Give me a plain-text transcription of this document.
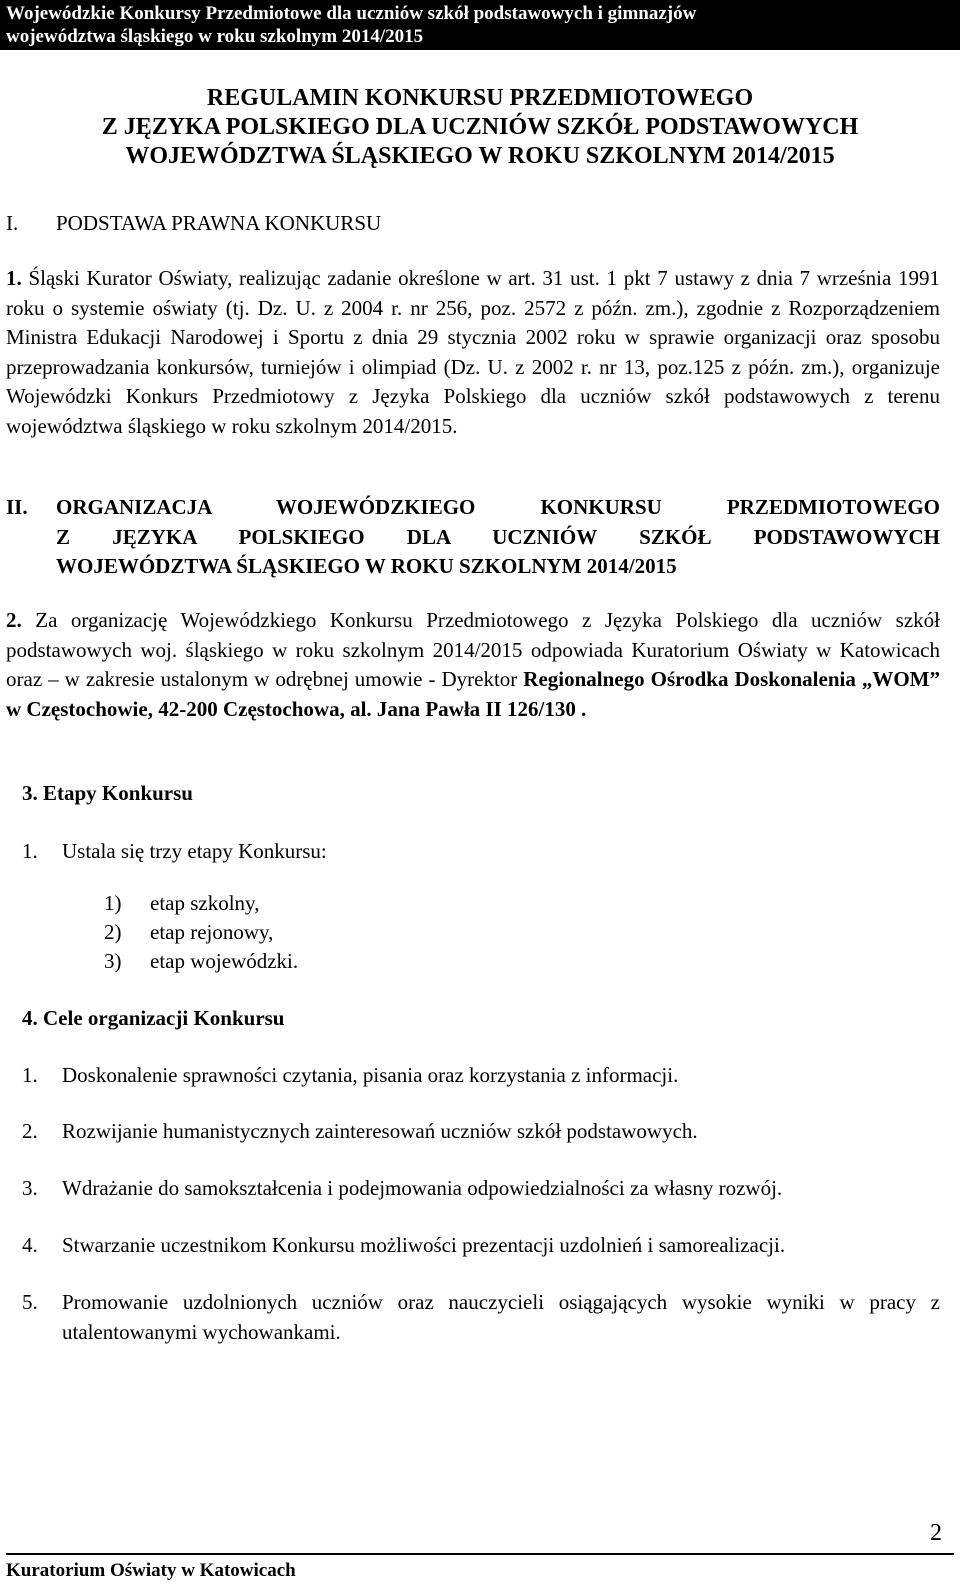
Wojewódzkie Konkursy Przedmiotowe dla uczniów szkół podstawowych i gimnazjów
województwa śląskiego w roku szkolnym 2014/2015
REGULAMIN KONKURSU PRZEDMIOTOWEGO
Z JĘZYKA POLSKIEGO DLA UCZNIÓW SZKÓŁ PODSTAWOWYCH
WOJEWÓDZTWA ŚLĄSKIEGO W ROKU SZKOLNYM 2014/2015
I. PODSTAWA PRAWNA KONKURSU
1. Śląski Kurator Oświaty, realizując zadanie określone w art. 31 ust. 1 pkt 7 ustawy z dnia 7 września 1991 roku o systemie oświaty (tj. Dz. U. z 2004 r. nr 256, poz. 2572 z późn. zm.), zgodnie z Rozporządzeniem Ministra Edukacji Narodowej i Sportu z dnia 29 stycznia 2002 roku w sprawie organizacji oraz sposobu przeprowadzania konkursów, turniejów i olimpiad (Dz. U. z 2002 r. nr 13, poz.125 z późn. zm.), organizuje Wojewódzki Konkurs Przedmiotowy z Języka Polskiego dla uczniów szkół podstawowych z terenu województwa śląskiego w roku szkolnym 2014/2015.
II. ORGANIZACJA WOJEWÓDZKIEGO KONKURSU PRZEDMIOTOWEGO
Z JĘZYKA POLSKIEGO DLA UCZNIÓW SZKÓŁ PODSTAWOWYCH
WOJEWÓDZTWA ŚLĄSKIEGO W ROKU SZKOLNYM 2014/2015
2. Za organizację Wojewódzkiego Konkursu Przedmiotowego z Języka Polskiego dla uczniów szkół podstawowych woj. śląskiego w roku szkolnym 2014/2015 odpowiada Kuratorium Oświaty w Katowicach oraz – w zakresie ustalonym w odrębnej umowie - Dyrektor Regionalnego Ośrodka Doskonalenia „WOM” w Częstochowie, 42-200 Częstochowa, al. Jana Pawła II 126/130 .
3. Etapy Konkursu
1. Ustala się trzy etapy Konkursu:
1) etap szkolny,
2) etap rejonowy,
3) etap wojewódzki.
4. Cele organizacji Konkursu
1. Doskonalenie sprawności czytania, pisania oraz korzystania z informacji.
2. Rozwijanie humanistycznych zainteresowań uczniów szkół podstawowych.
3. Wdrażanie do samokształcenia i podejmowania odpowiedzialności za własny rozwój.
4. Stwarzanie uczestnikom Konkursu możliwości prezentacji uzdolnień i samorealizacji.
5. Promowanie uzdolnionych uczniów oraz nauczycieli osiągających wysokie wyniki w pracy z utalentowanymi wychowankami.
2
Kuratorium Oświaty w Katowicach
